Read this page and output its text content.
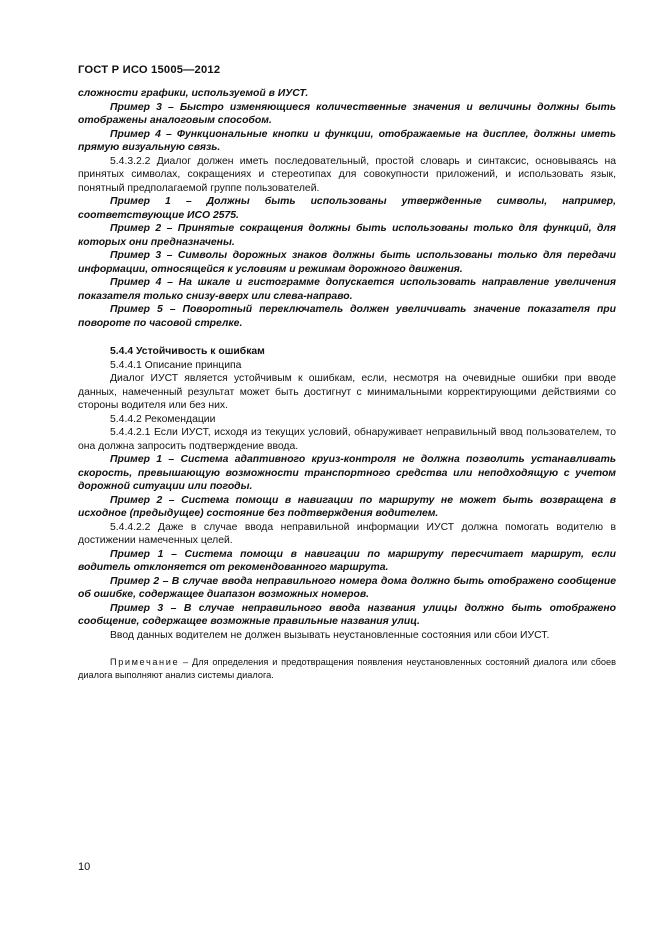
ГОСТ Р ИСО 15005—2012

сложности графики, используемой в ИУСТ.

Пример 3 – Быстро изменяющиеся количественные значения и величины должны быть отображены аналоговым способом.

Пример 4 – Функциональные кнопки и функции, отображаемые на дисплее, должны иметь прямую визуальную связь.

5.4.3.2.2 Диалог должен иметь последовательный, простой словарь и синтаксис, основываясь на принятых символах, сокращениях и стереотипах для совокупности приложений, и использовать язык, понятный предполагаемой группе пользователей.

Пример 1 – Должны быть использованы утвержденные символы, например, соответствующие ИСО 2575.

Пример 2 – Принятые сокращения должны быть использованы только для функций, для которых они предназначены.

Пример 3 – Символы дорожных знаков должны быть использованы только для передачи информации, относящейся к условиям и режимам дорожного движения.

Пример 4 – На шкале и гистограмме допускается использовать направление увеличения показателя только снизу-вверх или слева-направо.

Пример 5 – Поворотный переключатель должен увеличивать значение показателя при повороте по часовой стрелке.

5.4.4 Устойчивость к ошибкам

5.4.4.1 Описание принципа

Диалог ИУСТ является устойчивым к ошибкам, если, несмотря на очевидные ошибки при вводе данных, намеченный результат может быть достигнут с минимальными корректирующими действиями со стороны водителя или без них.

5.4.4.2 Рекомендации

5.4.4.2.1 Если ИУСТ, исходя из текущих условий, обнаруживает неправильный ввод пользователем, то она должна запросить подтверждение ввода.

Пример 1 – Система адаптивного круиз-контроля не должна позволить устанавливать скорость, превышающую возможности транспортного средства или неподходящую с учетом дорожной ситуации или погоды.

Пример 2 – Система помощи в навигации по маршруту не может быть возвращена в исходное (предыдущее) состояние без подтверждения водителем.

5.4.4.2.2 Даже в случае ввода неправильной информации ИУСТ должна помогать водителю в достижении намеченных целей.

Пример 1 – Система помощи в навигации по маршруту пересчитает маршрут, если водитель отклоняется от рекомендованного маршрута.

Пример 2 – В случае ввода неправильного номера дома должно быть отображено сообщение об ошибке, содержащее диапазон возможных номеров.

Пример 3 – В случае неправильного ввода названия улицы должно быть отображено сообщение, содержащее возможные правильные названия улиц.

Ввод данных водителем не должен вызывать неустановленные состояния или сбои ИУСТ.

Примечание – Для определения и предотвращения появления неустановленных состояний диалога или сбоев диалога выполняют анализ системы диалога.

10
